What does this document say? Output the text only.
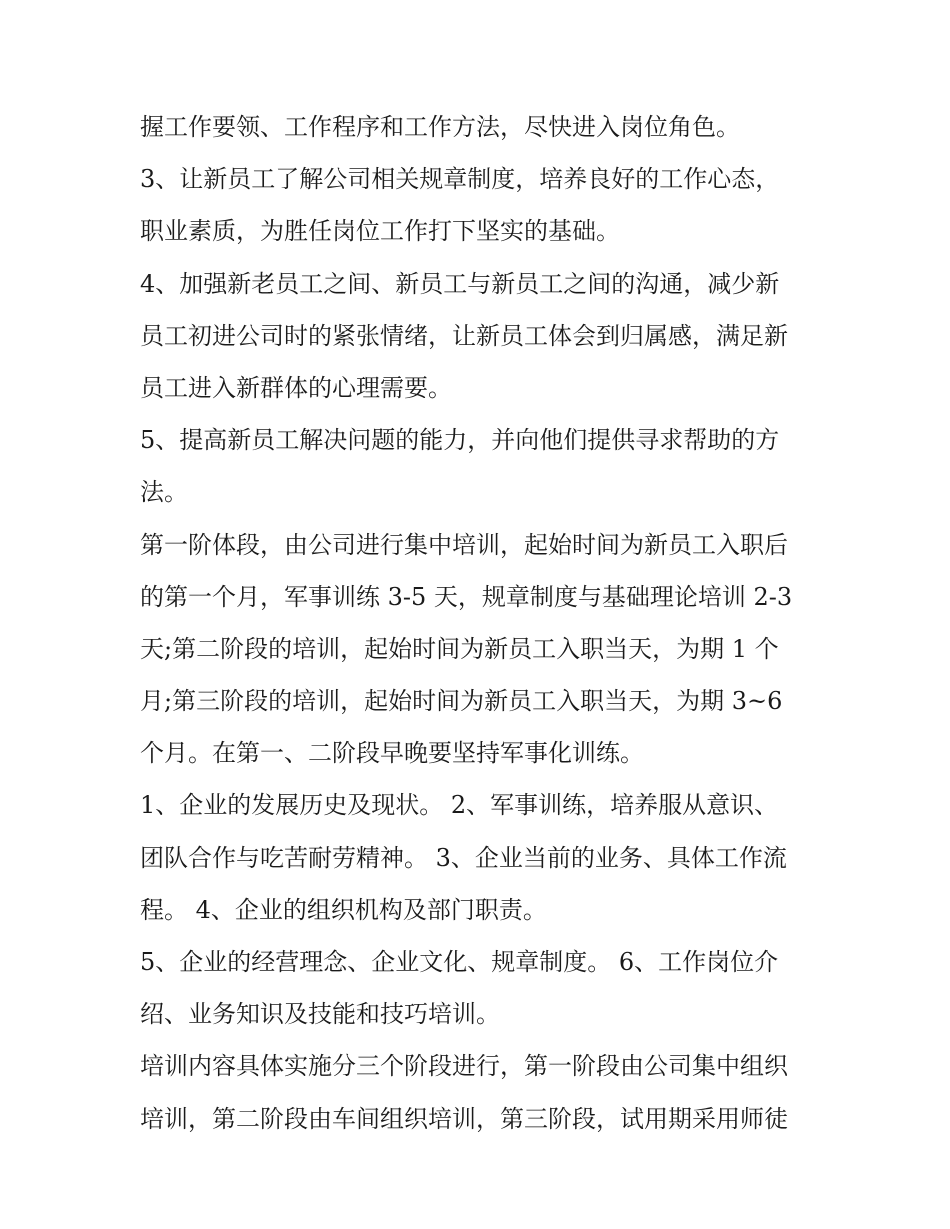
握工作要领、工作程序和工作方法，尽快进入岗位角色。
3、让新员工了解公司相关规章制度，培养良好的工作心态，
职业素质，为胜任岗位工作打下坚实的基础。
4、加强新老员工之间、新员工与新员工之间的沟通，减少新
员工初进公司时的紧张情绪，让新员工体会到归属感，满足新
员工进入新群体的心理需要。
5、提高新员工解决问题的能力，并向他们提供寻求帮助的方
法。
第一阶体段，由公司进行集中培训，起始时间为新员工入职后
的第一个月，军事训练 3-5 天，规章制度与基础理论培训 2-3
天;第二阶段的培训，起始时间为新员工入职当天，为期 1 个
月;第三阶段的培训，起始时间为新员工入职当天，为期 3~6
个月。在第一、二阶段早晚要坚持军事化训练。
1、企业的发展历史及现状。 2、军事训练，培养服从意识、
团队合作与吃苦耐劳精神。 3、企业当前的业务、具体工作流
程。 4、企业的组织机构及部门职责。
5、企业的经营理念、企业文化、规章制度。 6、工作岗位介
绍、业务知识及技能和技巧培训。
培训内容具体实施分三个阶段进行，第一阶段由公司集中组织
培训，第二阶段由车间组织培训，第三阶段，试用期采用师徒
